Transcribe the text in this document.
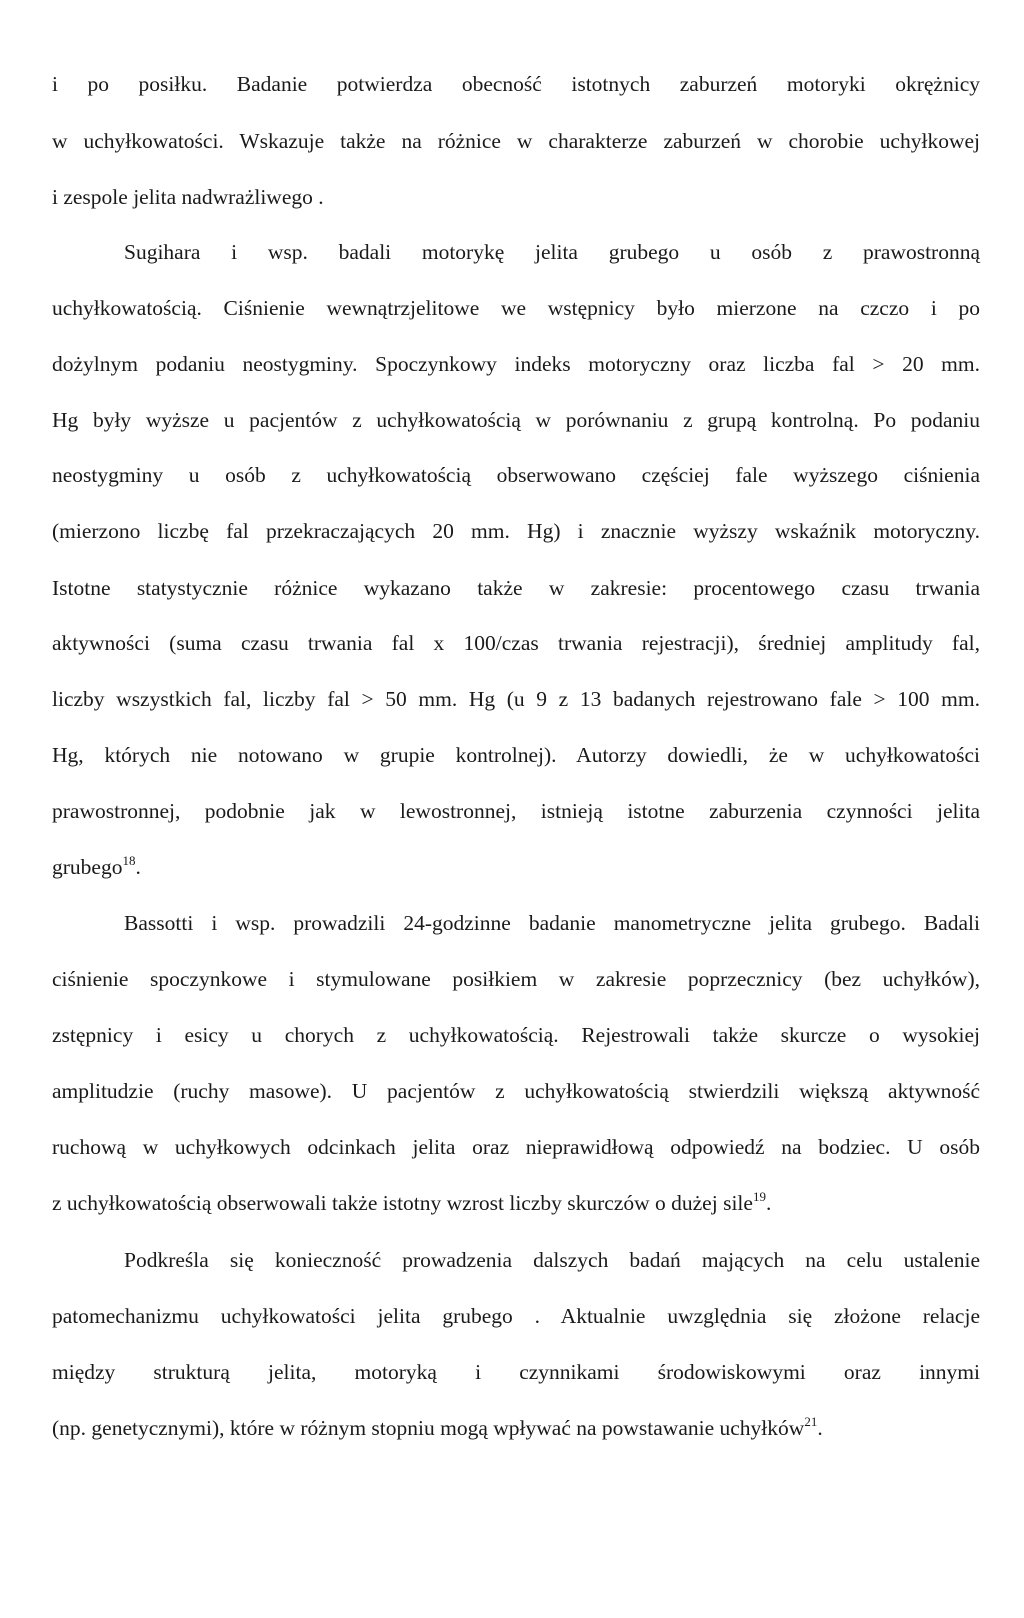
i po posiłku. Badanie potwierdza obecność istotnych zaburzeń motoryki okrężnicy

w uchyłkowatości. Wskazuje także na różnice w charakterze zaburzeń w chorobie uchyłkowej

i zespole jelita nadwrażliwego .

Sugihara i wsp. badali motorykę jelita grubego u osób z prawostronną

uchyłkowatością. Ciśnienie wewnątrzjelitowe we wstępnicy było mierzone na czczo i po

dożylnym podaniu neostygminy. Spoczynkowy indeks motoryczny oraz liczba fal > 20 mm.

Hg były wyższe u pacjentów z uchyłkowatością w porównaniu z grupą kontrolną. Po podaniu

neostygminy u osób z uchyłkowatością obserwowano częściej fale wyższego ciśnienia

(mierzono liczbę fal przekraczających 20 mm. Hg) i znacznie wyższy wskaźnik motoryczny.

Istotne statystycznie różnice wykazano także w zakresie: procentowego czasu trwania

aktywności (suma czasu trwania fal x 100/czas trwania rejestracji), średniej amplitudy fal,

liczby wszystkich fal, liczby fal > 50 mm. Hg (u 9 z 13 badanych rejestrowano fale > 100 mm.

Hg, których nie notowano w grupie kontrolnej). Autorzy dowiedli, że w uchyłkowatości

prawostronnej, podobnie jak w lewostronnej, istnieją istotne zaburzenia czynności jelita

grubego$^{18}$.

Bassotti i wsp. prowadzili 24-godzinne badanie manometryczne jelita grubego. Badali

ciśnienie spoczynkowe i stymulowane posiłkiem w zakresie poprzecznicy (bez uchyłków),

zstępnicy i esicy u chorych z uchyłkowatością. Rejestrowali także skurcze o wysokiej

amplitudzie (ruchy masowe). U pacjentów z uchyłkowatością stwierdzili większą aktywność

ruchową w uchyłkowych odcinkach jelita oraz nieprawidłową odpowiedź na bodziec. U osób

z uchyłkowatością obserwowali także istotny wzrost liczby skurczów o dużej sile$^{19}$.

Podkreśla się konieczność prowadzenia dalszych badań mających na celu ustalenie

patomechanizmu uchyłkowatości jelita grubego . Aktualnie uwzględnia się złożone relacje

między strukturą jelita, motoryką i czynnikami środowiskowymi oraz innymi

(np. genetycznymi), które w różnym stopniu mogą wpływać na powstawanie uchyłków$^{21}$.
